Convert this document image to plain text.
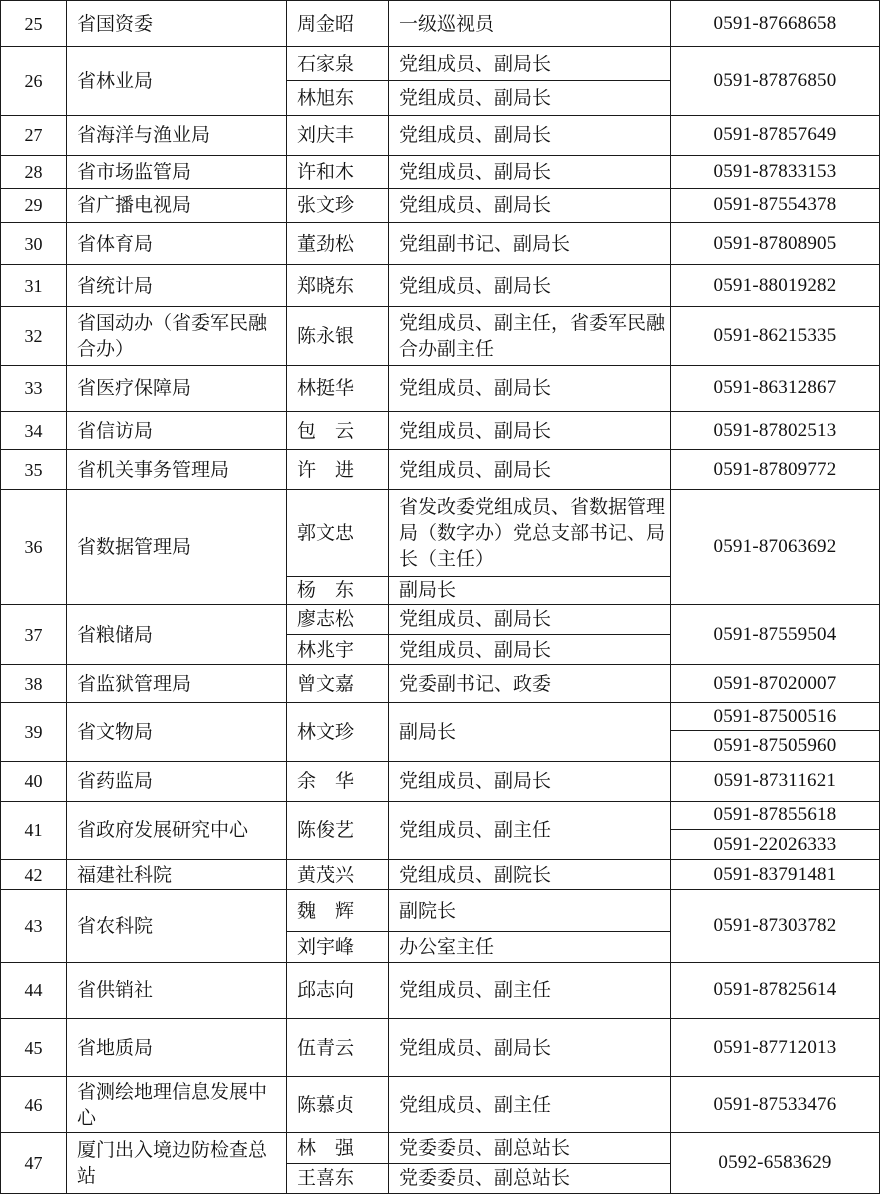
25	省国资委	周金昭	一级巡视员	0591-87668658
26	省林业局	石家泉	党组成员、副局长	0591-87876850
		林旭东	党组成员、副局长	
27	省海洋与渔业局	刘庆丰	党组成员、副局长	0591-87857649
28	省市场监管局	许和木	党组成员、副局长	0591-87833153
29	省广播电视局	张文珍	党组成员、副局长	0591-87554378
30	省体育局	董劲松	党组副书记、副局长	0591-87808905
31	省统计局	郑晓东	党组成员、副局长	0591-88019282
32	省国动办（省委军民融合办）	陈永银	党组成员、副主任，省委军民融合办副主任	0591-86215335
33	省医疗保障局	林挺华	党组成员、副局长	0591-86312867
34	省信访局	包　云	党组成员、副局长	0591-87802513
35	省机关事务管理局	许　进	党组成员、副局长	0591-87809772
36	省数据管理局	郭文忠	省发改委党组成员、省数据管理局（数字办）党总支部书记、局长（主任）	0591-87063692
		杨　东	副局长	
37	省粮储局	廖志松	党组成员、副局长	0591-87559504
		林兆宇	党组成员、副局长	
38	省监狱管理局	曾文嘉	党委副书记、政委	0591-87020007
39	省文物局	林文珍	副局长	0591-87500516
				0591-87505960
40	省药监局	余　华	党组成员、副局长	0591-87311621
41	省政府发展研究中心	陈俊艺	党组成员、副主任	0591-87855618
				0591-22026333
42	福建社科院	黄茂兴	党组成员、副院长	0591-83791481
43	省农科院	魏　辉	副院长	0591-87303782
		刘宇峰	办公室主任	
44	省供销社	邱志向	党组成员、副主任	0591-87825614
45	省地质局	伍青云	党组成员、副局长	0591-87712013
46	省测绘地理信息发展中心	陈慕贞	党组成员、副主任	0591-87533476
47	厦门出入境边防检查总站	林　强	党委委员、副总站长	0592-6583629
		王喜东	党委委员、副总站长	
